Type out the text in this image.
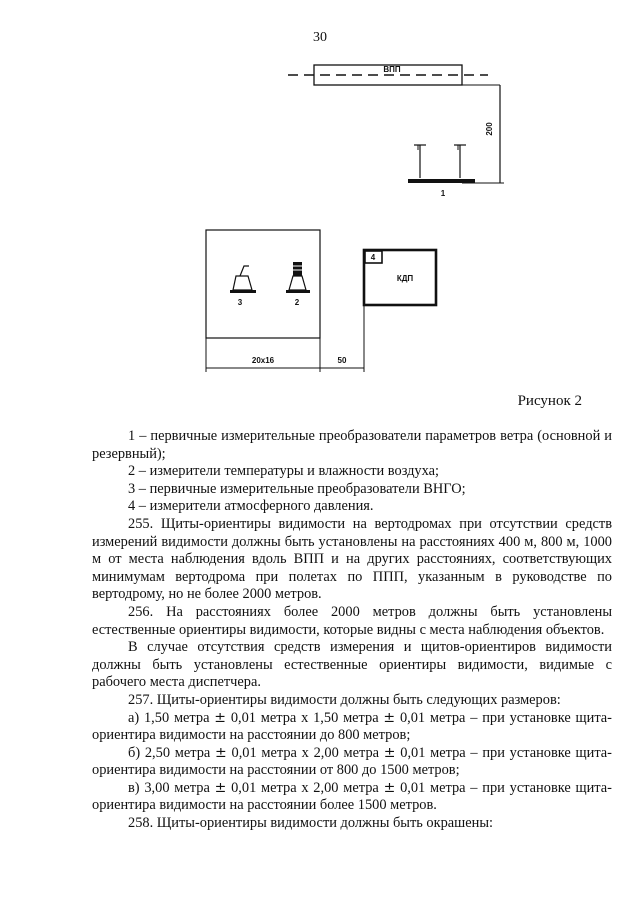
30
ВПП
200
1
3	2
4
КДП
20x16	50
Рисунок 2

1 – первичные измерительные преобразователи параметров ветра (основной и резервный);

2 – измерители температуры и влажности воздуха;

3 – первичные измерительные преобразователи ВНГО;

4 – измерители атмосферного давления.

255. Щиты-ориентиры видимости на вертодромах при отсутствии средств измерений видимости должны быть установлены на расстояниях 400 м, 800 м, 1000 м от места наблюдения вдоль ВПП и на других расстояниях, соответствующих минимумам вертодрома при полетах по ППП, указанным в руководстве по вертодрому, но не более 2000 метров.

256. На расстояниях более 2000 метров должны быть установлены естественные ориентиры видимости, которые видны с места наблюдения объектов.

В случае отсутствия средств измерения и щитов-ориентиров видимости должны быть установлены естественные ориентиры видимости, видимые с рабочего места диспетчера.

257. Щиты-ориентиры видимости должны быть следующих размеров:

а) 1,50 метра ± 0,01 метра х 1,50 метра ± 0,01 метра – при установке щита-ориентира видимости на расстоянии до 800 метров;

б) 2,50 метра ± 0,01 метра х 2,00 метра ± 0,01 метра – при установке щита-ориентира видимости на расстоянии от 800 до 1500 метров;

в) 3,00 метра ± 0,01 метра х 2,00 метра ± 0,01 метра – при установке щита-ориентира видимости на расстоянии более 1500 метров.

258. Щиты-ориентиры видимости должны быть окрашены:
